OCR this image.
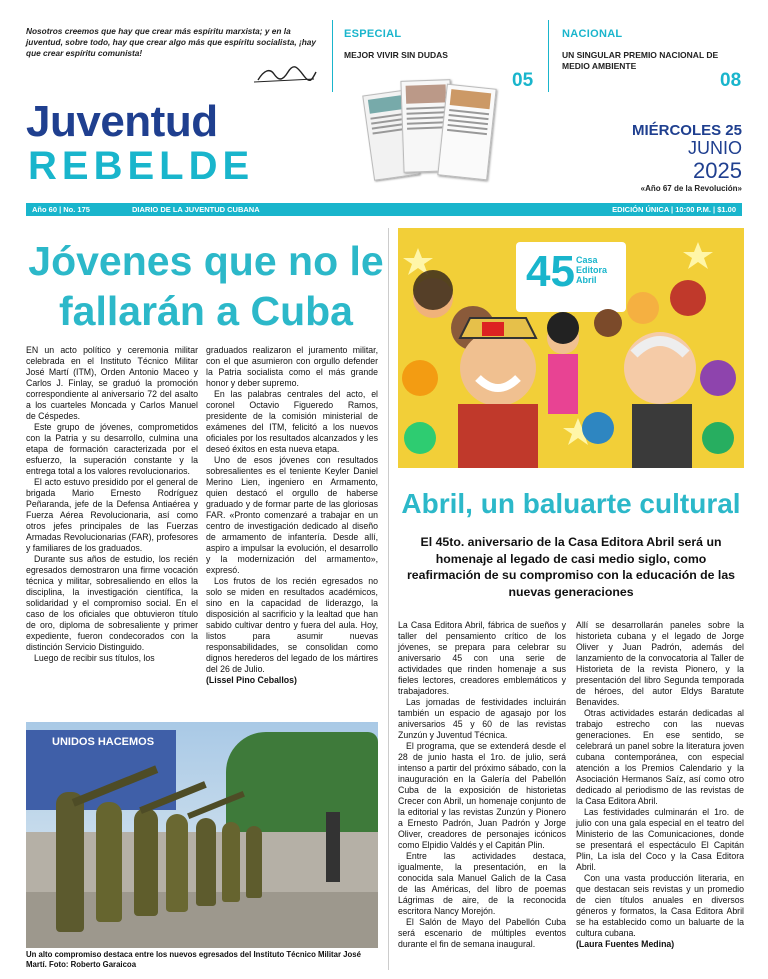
Nosotros creemos que hay que crear más espíritu marxista; y en la juventud, sobre todo, hay que crear algo más que espíritu socialista, ¡hay que crear espíritu comunista!
ESPECIAL
MEJOR VIVIR SIN DUDAS
05
NACIONAL
UN SINGULAR PREMIO NACIONAL DE MEDIO AMBIENTE
08
Juventud
REBELDE
MIÉRCOLES 25
JUNIO
2025
«Año 67 de la Revolución»
Año 60 | No. 175	DIARIO DE LA JUVENTUD CUBANA	EDICIÓN ÚNICA | 10:00 P.M. | $1.00
Jóvenes que no le fallarán a Cuba

EN un acto político y ceremonia militar celebrada en el Instituto Técnico Militar José Martí (ITM), Orden Antonio Maceo y Carlos J. Finlay, se graduó la promoción correspondiente al aniversario 72 del asalto a los cuarteles Moncada y Carlos Manuel de Céspedes.

Este grupo de jóvenes, comprometidos con la Patria y su desarrollo, culmina una etapa de formación caracterizada por el esfuerzo, la superación constante y la entrega total a los valores revolucionarios.

El acto estuvo presidido por el general de brigada Mario Ernesto Rodríguez Peñaranda, jefe de la Defensa Antiaérea y Fuerza Aérea Revolucionaria, así como otros jefes principales de las Fuerzas Armadas Revolucionarias (FAR), profesores y familiares de los graduados.

Durante sus años de estudio, los recién egresados demostraron una firme vocación técnica y militar, sobresaliendo en ellos la disciplina, la investigación científica, la solidaridad y el compromiso social. En el caso de los oficiales que obtuvieron título de oro, diploma de sobresaliente y primer expediente, fueron condecorados con la distinción Servicio Distinguido.

Luego de recibir sus títulos, los

graduados realizaron el juramento militar, con el que asumieron con orgullo defender la Patria socialista como el más grande honor y deber supremo.

En las palabras centrales del acto, el coronel Octavio Figueredo Ramos, presidente de la comisión ministerial de exámenes del ITM, felicitó a los nuevos oficiales por los resultados alcanzados y les deseó éxitos en esta nueva etapa.

Uno de esos jóvenes con resultados sobresalientes es el teniente Keyler Daniel Merino Lien, ingeniero en Armamento, quien destacó el orgullo de haberse graduado y de formar parte de las gloriosas FAR. «Pronto comenzaré a trabajar en un centro de investigación dedicado al diseño de armamento de infantería. Desde allí, aspiro a impulsar la evolución, el desarrollo y la modernización del armamento», expresó.

Los frutos de los recién egresados no solo se miden en resultados académicos, sino en la capacidad de liderazgo, la disposición al sacrificio y la lealtad que han sabido cultivar dentro y fuera del aula. Hoy, listos para asumir nuevas responsabilidades, se consolidan como dignos herederos del legado de los mártires del 26 de Julio.

(Lissel Pino Ceballos)

UNIDOS HACEMOS
Un alto compromiso destaca entre los nuevos egresados del Instituto Técnico Militar José Martí. Foto: Roberto Garaicoa
45 Casa Editora Abril
Abril, un baluarte cultural
El 45to. aniversario de la Casa Editora Abril será un homenaje al legado de casi medio siglo, como reafirmación de su compromiso con la educación de las nuevas generaciones

La Casa Editora Abril, fábrica de sueños y taller del pensamiento crítico de los jóvenes, se prepara para celebrar su aniversario 45 con una serie de actividades que rinden homenaje a sus fieles lectores, creadores emblemáticos y trabajadores.

Las jornadas de festividades incluirán también un espacio de agasajo por los aniversarios 45 y 60 de las revistas Zunzún y Juventud Técnica.

El programa, que se extenderá desde el 28 de junio hasta el 1ro. de julio, será intenso a partir del próximo sábado, con la inauguración en la Galería del Pabellón Cuba de la exposición de historietas Crecer con Abril, un homenaje conjunto de la editorial y las revistas Zunzún y Pionero a Ernesto Padrón, Juan Padrón y Jorge Oliver, creadores de personajes icónicos como Elpidio Valdés y el Capitán Plin.

Entre las actividades destaca, igualmente, la presentación, en la conocida sala Manuel Galich de la Casa de las Américas, del libro de poemas Lágrimas de aire, de la reconocida escritora Nancy Morejón.

El Salón de Mayo del Pabellón Cuba será escenario de múltiples eventos durante el fin de semana inaugural.

Allí se desarrollarán paneles sobre la historieta cubana y el legado de Jorge Oliver y Juan Padrón, además del lanzamiento de la convocatoria al Taller de Historieta de la revista Pionero, y la presentación del libro Segunda temporada de héroes, del autor Eldys Baratute Benavides.

Otras actividades estarán dedicadas al trabajo estrecho con las nuevas generaciones. En ese sentido, se celebrará un panel sobre la literatura joven cubana contemporánea, con especial atención a los Premios Calendario y la Asociación Hermanos Saíz, así como otro dedicado al periodismo de las revistas de la Casa Editora Abril.

Las festividades culminarán el 1ro. de julio con una gala especial en el teatro del Ministerio de las Comunicaciones, donde se presentará el espectáculo El Capitán Plin, La isla del Coco y la Casa Editora Abril.

Con una vasta producción literaria, en que destacan seis revistas y un promedio de cien títulos anuales en diversos géneros y formatos, la Casa Editora Abril se ha establecido como un baluarte de la cultura cubana.

(Laura Fuentes Medina)
